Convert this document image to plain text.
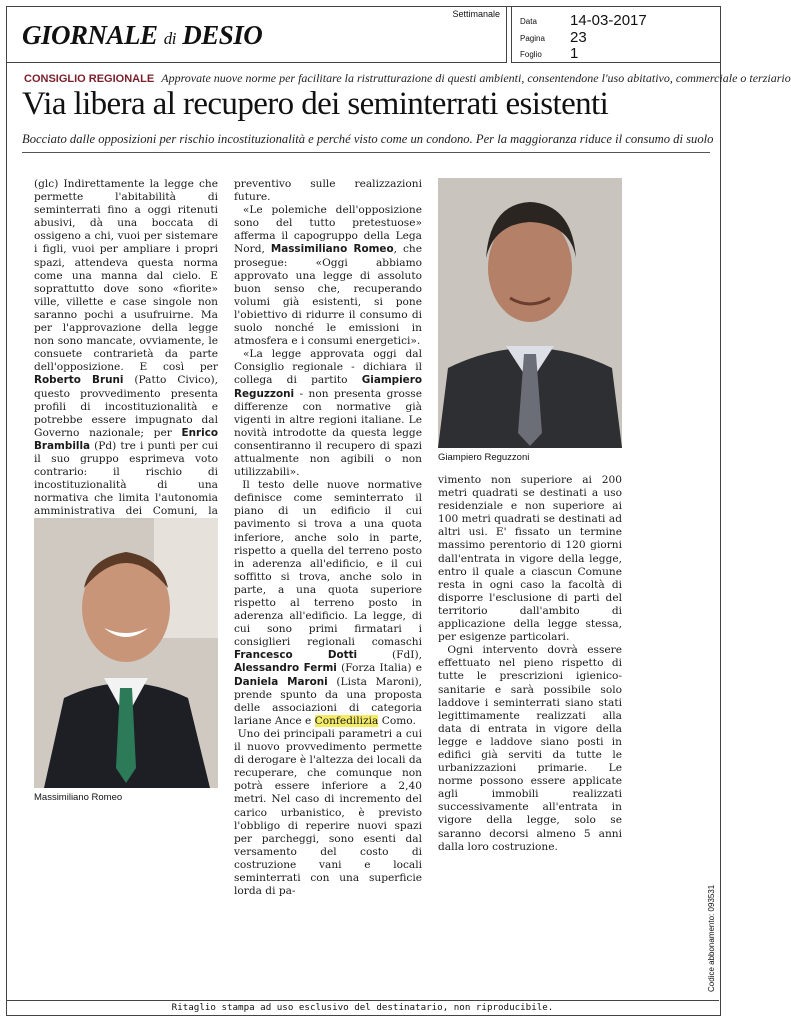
GIORNALE di DESIO
Settimanale
Data 14-03-2017
Pagina 23
Foglio 1
CONSIGLIO REGIONALE Approvate nuove norme per facilitare la ristrutturazione di questi ambienti, consentendone l'uso abitativo, commerciale o terziario
Via libera al recupero dei seminterrati esistenti
Bocciato dalle opposizioni per rischio incostituzionalità e perché visto come un condono. Per la maggioranza riduce il consumo di suolo

(glc) Indirettamente la legge che permette l'abitabilità di seminterrati fino a oggi ritenuti abusivi, dà una boccata di ossigeno a chi, vuoi per sistemare i figli, vuoi per ampliare i propri spazi, attendeva questa norma come una manna dal cielo. E soprattutto dove sono «fiorite» ville, villette e case singole non saranno pochi a usufruirne. Ma per l'approvazione della legge non sono mancate, ovviamente, le consuete contrarietà da parte dell'opposizione. E così per Roberto Bruni (Patto Civico), questo provvedimento presenta profili di incostituzionalità e potrebbe essere impugnato dal Governo nazionale; per Enrico Brambilla (Pd) tre i punti per cui il suo gruppo esprimeva voto contrario: il rischio di incostituzionalità di una normativa che limita l'autonomia amministrativa dei Comuni, la

Massimiliano Romeo

preventivo sulle realizzazioni future.

«Le polemiche dell'opposizione sono del tutto pretestuose» afferma il capogruppo della Lega Nord, Massimiliano Romeo, che prosegue: «Oggi abbiamo approvato una legge di assoluto buon senso che, recuperando volumi già esistenti, si pone l'obiettivo di ridurre il consumo di suolo nonché le emissioni in atmosfera e i consumi energetici».

«La legge approvata oggi dal Consiglio regionale - dichiara il collega di partito Giampiero Reguzzoni - non presenta grosse differenze con normative già vigenti in altre regioni italiane. Le novità introdotte da questa legge consentiranno il recupero di spazi attualmente non agibili o non utilizzabili».

Il testo delle nuove normative definisce come seminterrato il piano di un edificio il cui pavimento si trova a una quota inferiore, anche solo in parte, rispetto a quella del terreno posto in aderenza all'edificio, e il cui soffitto si trova, anche solo in parte, a una quota superiore rispetto al terreno posto in aderenza all'edificio. La legge, di cui sono primi firmatari i consiglieri regionali comaschi Francesco Dotti (FdI), Alessandro Fermi (Forza Italia) e Daniela Maroni (Lista Maroni), prende spunto da una proposta delle associazioni di categoria lariane Ance e Confedilizia Como.

Uno dei principali parametri a cui il nuovo provvedimento permette di derogare è l'altezza dei locali da recuperare, che comunque non potrà essere inferiore a 2,40 metri. Nel caso di incremento del carico urbanistico, è previsto l'obbligo di reperire nuovi spazi per parcheggi, sono esenti dal versamento del costo di costruzione vani e locali seminterrati con una superficie lorda di pa-

Giampiero Reguzzoni

vimento non superiore ai 200 metri quadrati se destinati a uso residenziale e non superiore ai 100 metri quadrati se destinati ad altri usi. E' fissato un termine massimo perentorio di 120 giorni dall'entrata in vigore della legge, entro il quale a ciascun Comune resta in ogni caso la facoltà di disporre l'esclusione di parti del territorio dall'ambito di applicazione della legge stessa, per esigenze particolari.

Ogni intervento dovrà essere effettuato nel pieno rispetto di tutte le prescrizioni igienico-sanitarie e sarà possibile solo laddove i seminterrati siano stati legittimamente realizzati alla data di entrata in vigore della legge e laddove siano posti in edifici già serviti da tutte le urbanizzazioni primarie. Le norme possono essere applicate agli immobili realizzati successivamente all'entrata in vigore della legge, solo se saranno decorsi almeno 5 anni dalla loro costruzione.

Codice abbonamento: 093531
Ritaglio stampa ad uso esclusivo del destinatario, non riproducibile.
